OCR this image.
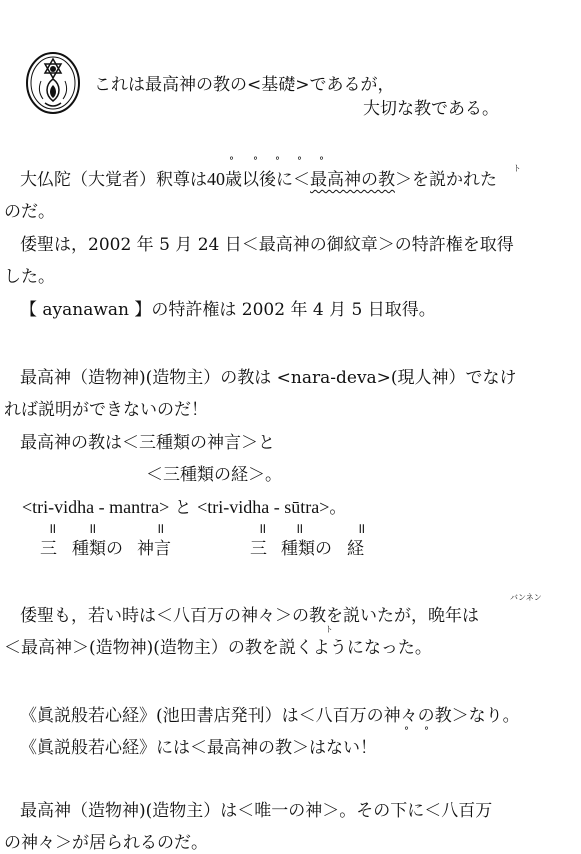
これは最高神の教の<基礎>であるが，
大切な教である。
° ° ° ° °
ト
大仏陀（大覚者）釈尊は40歳以後に＜最高神の教＞を説かれた
のだ。
倭聖は，2002 年 5 月 24 日＜最高神の御紋章＞の特許権を取得
した。
【 ayanawan 】の特許権は 2002 年 4 月 5 日取得。
最高神（造物神)(造物主）の教は <nara-deva>(現人神）でなけ
れば説明ができないのだ！
最高神の教は＜三種類の神言＞と
＜三種類の経＞。
<tri-vidha - mantra> と <tri-vidha - sūtra>。
॥ ॥	॥	॥ ॥	॥
三 種類の 神言	三 種類の 経
バンネン
倭聖も，若い時は＜八百万の神々＞の教を説いたが，晩年は
ト
＜最高神＞(造物神)(造物主）の教を説くようになった。
《眞説般若心経》(池田書店発刊）は＜八百万の神々の教＞なり。
° °
《眞説般若心経》には＜最高神の教＞はない！
最高神（造物神)(造物主）は＜唯一の神＞。その下に＜八百万
の神々＞が居られるのだ。
